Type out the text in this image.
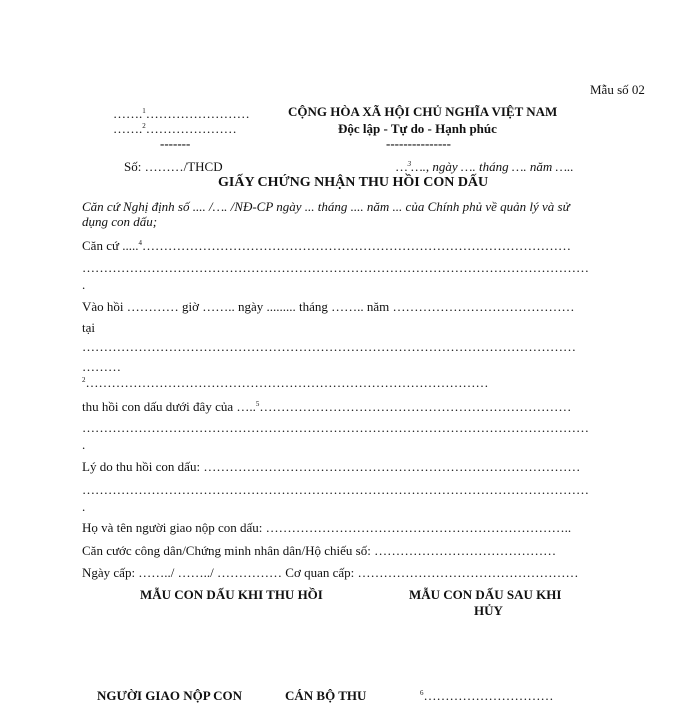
Mẫu số 02
…….$^1$……………………
…….$^2$…………………
-------
CỘNG HÒA XÃ HỘI CHỦ NGHĨA VIỆT NAM
Độc lập - Tự do - Hạnh phúc
---------------
Số: ………/THCD	…$^3$…., ngày …. tháng …. năm …..
GIẤY CHỨNG NHẬN THU HỒI CON DẤU
Căn cứ Nghị định số .... /…. /NĐ-CP ngày ... tháng .... năm ... của Chính phủ về quản lý và sử
dụng con dấu;
Căn cứ .....$^4$………………………………………………………………………………………
………………………………………………………………………………………………………
.
Vào hồi ………… giờ …….. ngày ......... tháng …….. năm ……………………………………
tại
……………………………………………………………………………………………………
………
$^2$…………………………………………………………………………………
thu hồi con dấu dưới đây của …..$^5$………………………………………………………………
………………………………………………………………………………………………………
.
Lý do thu hồi con dấu: ……………………………………………………………………………
………………………………………………………………………………………………………
.
Họ và tên người giao nộp con dấu: ……………………………………………………………..
Căn cước công dân/Chứng minh nhân dân/Hộ chiếu số: ……………………………………
Ngày cấp: ……../ ……../ …………… Cơ quan cấp: ……………………………………………
MẪU CON DẤU KHI THU HỒI	MẪU CON DẤU SAU KHI
HỦY
NGƯỜI GIAO NỘP CON	CÁN BỘ THU	$^6$…………………………
